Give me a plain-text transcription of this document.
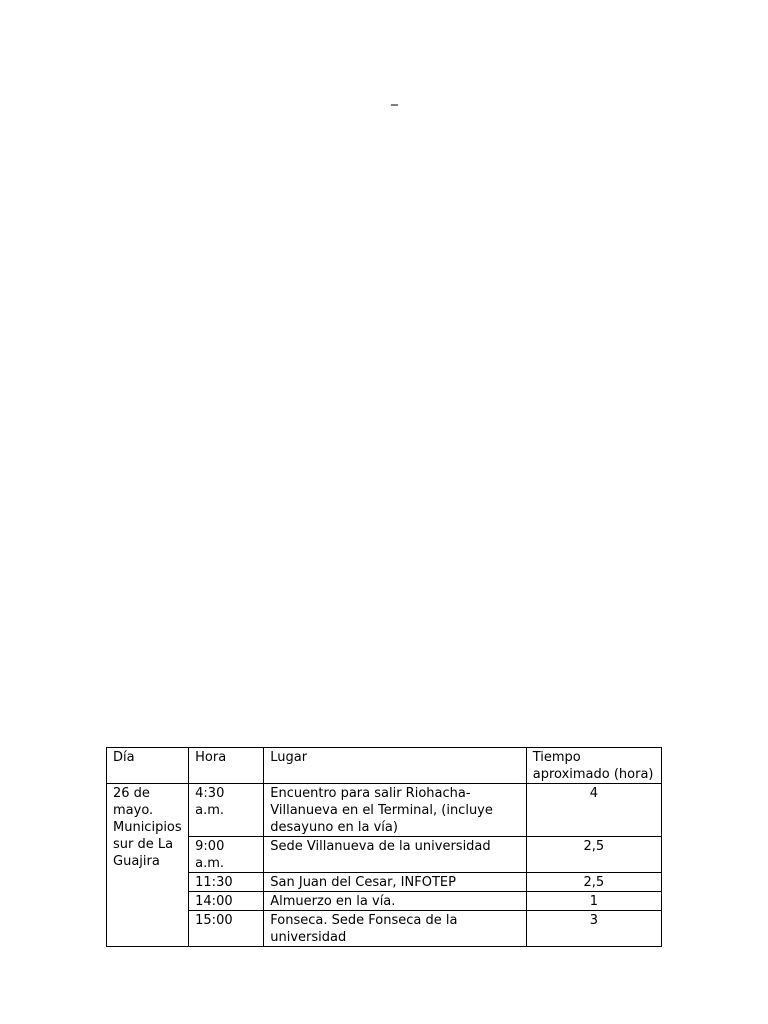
_
Día	Hora	Lugar	Tiempo aproximado (hora)
26 de mayo. Municipios sur de La Guajira	4:30 a.m.	Encuentro para salir Riohacha-Villanueva en el Terminal, (incluye desayuno en la vía)	4
	9:00 a.m.	Sede Villanueva de la universidad	2,5
	11:30	San Juan del Cesar, INFOTEP	2,5
	14:00	Almuerzo en la vía.	1
	15:00	Fonseca. Sede Fonseca de la universidad	3
